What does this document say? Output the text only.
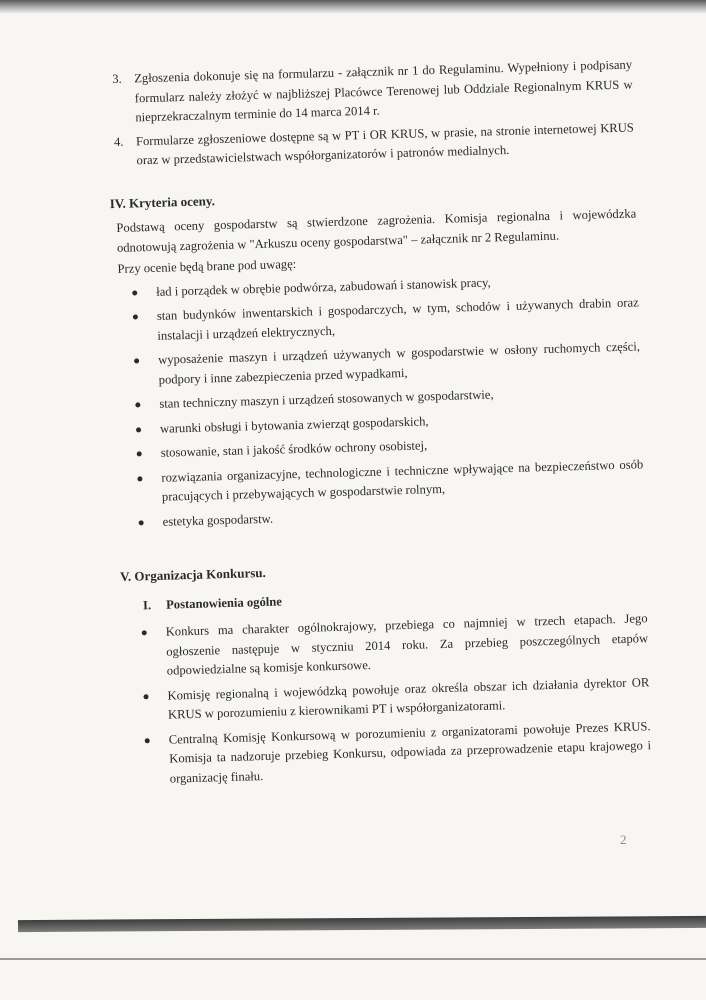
3. Zgłoszenia dokonuje się na formularzu - załącznik nr 1 do Regulaminu. Wypełniony i podpisany formularz należy złożyć w najbliższej Placówce Terenowej lub Oddziale Regionalnym KRUS w nieprzekraczalnym terminie do 14 marca 2014 r.
4. Formularze zgłoszeniowe dostępne są w PT i OR KRUS, w prasie, na stronie internetowej KRUS oraz w przedstawicielstwach współorganizatorów i patronów medialnych.
IV. Kryteria oceny.

Podstawą oceny gospodarstw są stwierdzone zagrożenia. Komisja regionalna i wojewódzka odnotowują zagrożenia w "Arkuszu oceny gospodarstwa" – załącznik nr 2 Regulaminu.

Przy ocenie będą brane pod uwagę:

ład i porządek w obrębie podwórza, zabudowań i stanowisk pracy,
stan budynków inwentarskich i gospodarczych, w tym, schodów i używanych drabin oraz instalacji i urządzeń elektrycznych,
wyposażenie maszyn i urządzeń używanych w gospodarstwie w osłony ruchomych części, podpory i inne zabezpieczenia przed wypadkami,
stan techniczny maszyn i urządzeń stosowanych w gospodarstwie,
warunki obsługi i bytowania zwierząt gospodarskich,
stosowanie, stan i jakość środków ochrony osobistej,
rozwiązania organizacyjne, technologiczne i techniczne wpływające na bezpieczeństwo osób pracujących i przebywających w gospodarstwie rolnym,
estetyka gospodarstw.
V. Organizacja Konkursu.
I. Postanowienia ogólne
Konkurs ma charakter ogólnokrajowy, przebiega co najmniej w trzech etapach. Jego ogłoszenie następuje w styczniu 2014 roku. Za przebieg poszczególnych etapów odpowiedzialne są komisje konkursowe.
Komisję regionalną i wojewódzką powołuje oraz określa obszar ich działania dyrektor OR KRUS w porozumieniu z kierownikami PT i współorganizatorami.
Centralną Komisję Konkursową w porozumieniu z organizatorami powołuje Prezes KRUS. Komisja ta nadzoruje przebieg Konkursu, odpowiada za przeprowadzenie etapu krajowego i organizację finału.
2
